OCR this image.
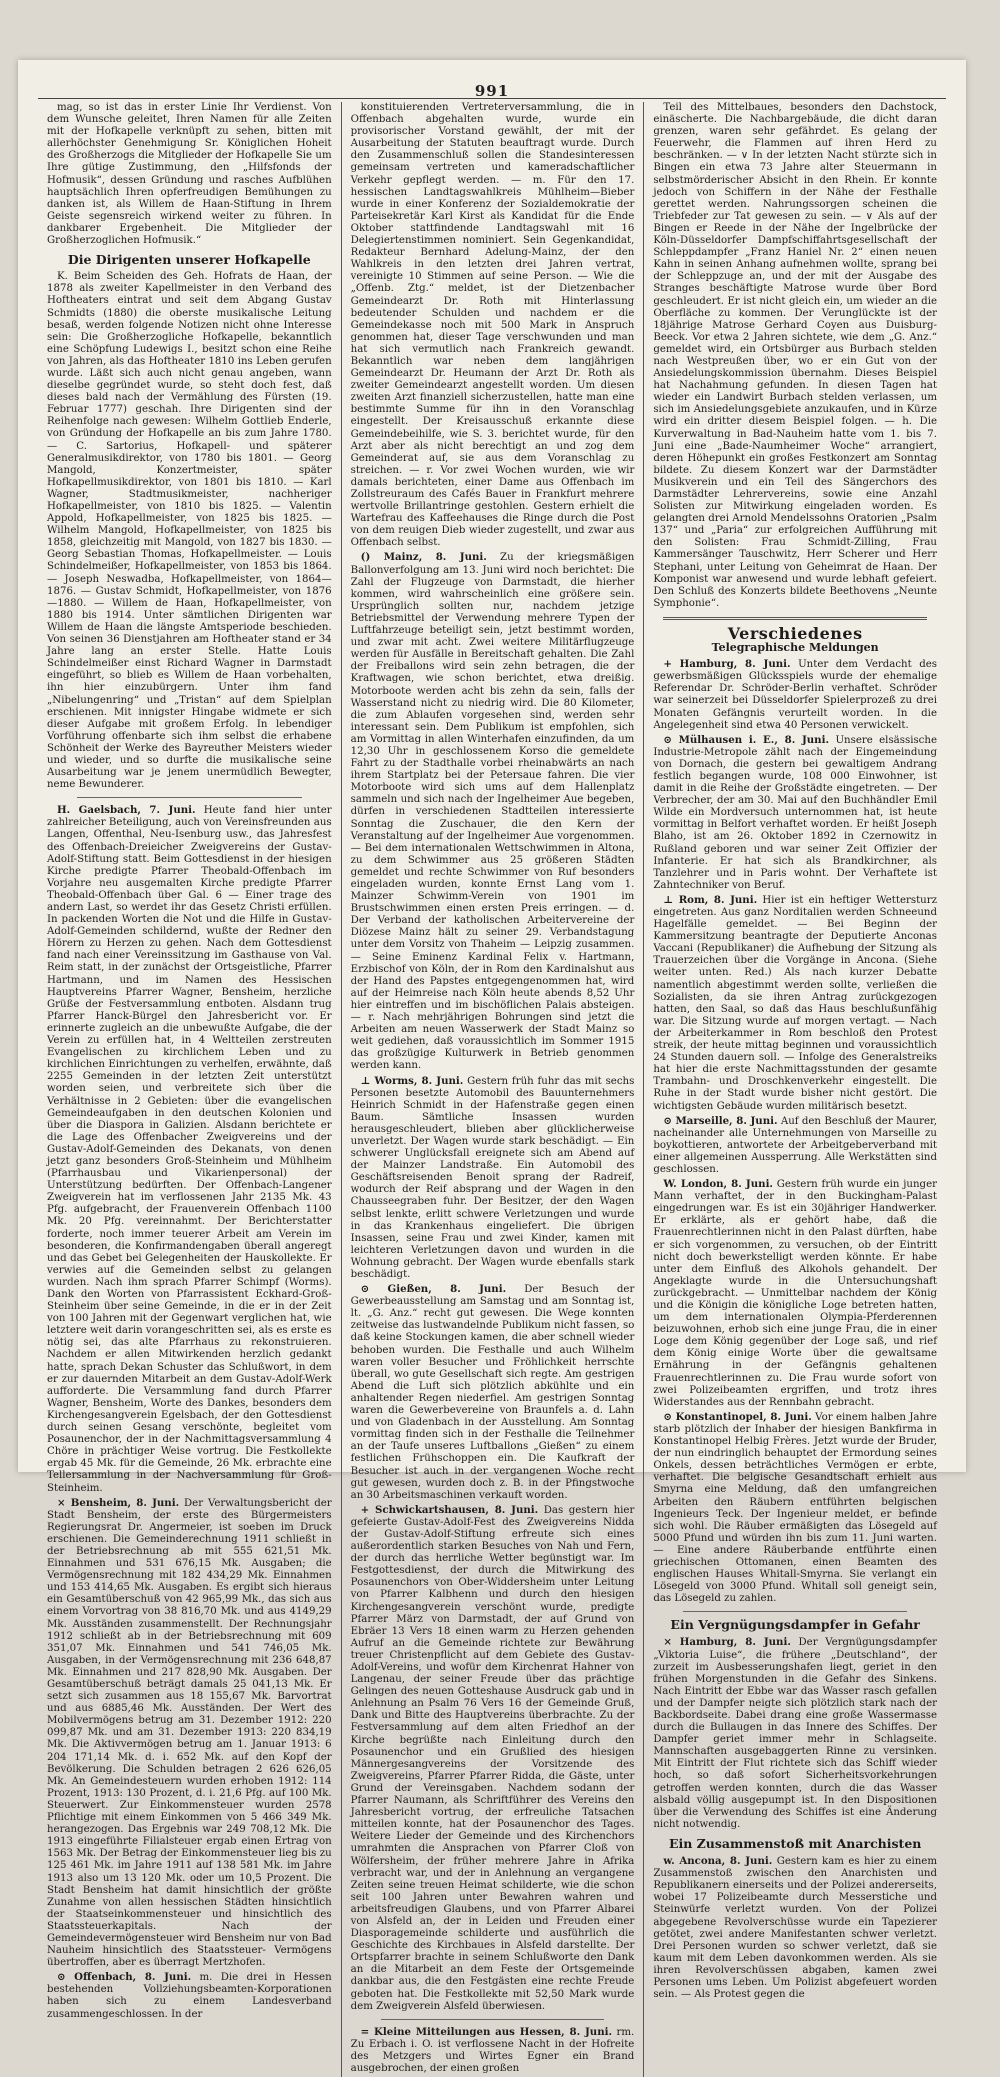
991

mag, so ist das in erster Linie Ihr Verdienst. Von dem Wunsche geleitet, Ihren Namen für alle Zeiten mit der Hofkapelle verknüpft zu sehen, bitten mit allerhöchster Genehmigung Sr. Königlichen Hoheit des Großherzogs die Mitglieder der Hofkapelle Sie um Ihre gütige Zustimmung, den „Hilfsfonds der Hofmusik“, dessen Gründung und rasches Aufblühen hauptsächlich Ihren opferfreudigen Bemühungen zu danken ist, als Willem de Haan-Stiftung in Ihrem Geiste segensreich wirkend weiter zu führen. In dankbarer Ergebenheit. Die Mitglieder der Großherzoglichen Hofmusik.“

Die Dirigenten unserer Hofkapelle

K. Beim Scheiden des Geh. Hofrats de Haan, der 1878 als zweiter Kapellmeister in den Verband des Hoftheaters eintrat und seit dem Abgang Gustav Schmidts (1880) die oberste musikalische Leitung besaß, werden folgende Notizen nicht ohne Interesse sein: Die Großherzogliche Hofkapelle, bekanntlich eine Schöpfung Ludewigs I., besitzt schon eine Reihe von Jahren, als das Hoftheater 1810 ins Leben gerufen wurde. Läßt sich auch nicht genau angeben, wann dieselbe gegründet wurde, so steht doch fest, daß dieses bald nach der Vermählung des Fürsten (19. Februar 1777) geschah. Ihre Dirigenten sind der Reihenfolge nach gewesen: Wilhelm Gottlieb Enderle, von Gründung der Hofkapelle an bis zum Jahre 1780. — C. Sartorius, Hofkapell- und späterer Generalmusikdirektor, von 1780 bis 1801. — Georg Mangold, Konzertmeister, später Hofkapellmusikdirektor, von 1801 bis 1810. — Karl Wagner, Stadtmusikmeister, nachheriger Hofkapellmeister, von 1810 bis 1825. — Valentin Appold, Hofkapellmeister, von 1825 bis 1825. — Wilhelm Mangold, Hofkapellmeister, von 1825 bis 1858, gleichzeitig mit Mangold, von 1827 bis 1830. — Georg Sebastian Thomas, Hofkapellmeister. — Louis Schindelmeißer, Hofkapellmeister, von 1853 bis 1864. — Joseph Neswadba, Hofkapellmeister, von 1864—1876. — Gustav Schmidt, Hofkapellmeister, von 1876—1880. — Willem de Haan, Hofkapellmeister, von 1880 bis 1914. Unter sämtlichen Dirigenten war Willem de Haan die längste Amtsperiode beschieden. Von seinen 36 Dienstjahren am Hoftheater stand er 34 Jahre lang an erster Stelle. Hatte Louis Schindelmeißer einst Richard Wagner in Darmstadt eingeführt, so blieb es Willem de Haan vorbehalten, ihn hier einzubürgern. Unter ihm fand „Nibelungenring“ und „Tristan“ auf dem Spielplan erschienen. Mit innigster Hingabe widmete er sich dieser Aufgabe mit großem Erfolg. In lebendiger Vorführung offenbarte sich ihm selbst die erhabene Schönheit der Werke des Bayreuther Meisters wieder und wieder, und so durfte die musikalische seine Ausarbeitung war je jenem unermüdlich Bewegter, neme Bewunderer.

H. Gaelsbach, 7. Juni. Heute fand hier unter zahlreicher Beteiligung, auch von Vereinsfreunden aus Langen, Offenthal, Neu-Isenburg usw., das Jahresfest des Offenbach-Dreieicher Zweigvereins der Gustav-Adolf-Stiftung statt. Beim Gottesdienst in der hiesigen Kirche predigte Pfarrer Theobald-Offenbach im Vorjahre neu ausgemalten Kirche predigte Pfarrer Theobald-Offenbach über Gal. 6 — Einer trage des andern Last, so werdet ihr das Gesetz Christi erfüllen. In packenden Worten die Not und die Hilfe in Gustav-Adolf-Gemeinden schildernd, wußte der Redner den Hörern zu Herzen zu gehen. Nach dem Gottesdienst fand nach einer Vereinssitzung im Gasthause von Val. Reim statt, in der zunächst der Ortsgeistliche, Pfarrer Hartmann, und im Namen des Hessischen Hauptvereins Pfarrer Wagner, Bensheim, herzliche Grüße der Festversammlung entboten. Alsdann trug Pfarrer Hanck-Bürgel den Jahresbericht vor. Er erinnerte zugleich an die unbewußte Aufgabe, die der Verein zu erfüllen hat, in 4 Weltteilen zerstreuten Evangelischen zu kirchlichem Leben und zu kirchlichen Einrichtungen zu verhelfen, erwähnte, daß 2255 Gemeinden in der letzten Zeit unterstützt worden seien, und verbreitete sich über die Verhältnisse in 2 Gebieten: über die evangelischen Gemeindeaufgaben in den deutschen Kolonien und über die Diaspora in Galizien. Alsdann berichtete er die Lage des Offenbacher Zweigvereins und der Gustav-Adolf-Gemeinden des Dekanats, von denen jetzt ganz besonders Groß-Steinheim und Mühlheim (Pfarrhausbau und Vikarienpersonal) der Unterstützung bedürften. Der Offenbach-Langener Zweigverein hat im verflossenen Jahr 2135 Mk. 43 Pfg. aufgebracht, der Frauenverein Offenbach 1100 Mk. 20 Pfg. vereinnahmt. Der Berichterstatter forderte, noch immer teuerer Arbeit am Verein im besonderen, die Konfirmandengaben überall angeregt und das Gebet bei Gelegenheiten der Hauskollekte. Er verwies auf die Gemeinden selbst zu gelangen wurden. Nach ihm sprach Pfarrer Schimpf (Worms). Dank den Worten von Pfarrassistent Eckhard-Groß-Steinheim über seine Gemeinde, in die er in der Zeit von 100 Jahren mit der Gegenwart verglichen hat, wie letztere weit darin vorangeschritten sei, als es erste es nötig sei, das alte Pfarrhaus zu rekonstruieren. Nachdem er allen Mitwirkenden herzlich gedankt hatte, sprach Dekan Schuster das Schlußwort, in dem er zur dauernden Mitarbeit an dem Gustav-Adolf-Werk aufforderte. Die Versammlung fand durch Pfarrer Wagner, Bensheim, Worte des Dankes, besonders dem Kirchengesangverein Egelsbach, der den Gottesdienst durch seinen Gesang verschönte, begleitet vom Posaunenchor, der in der Nachmittagsversammlung 4 Chöre in prächtiger Weise vortrug. Die Festkollekte ergab 45 Mk. für die Gemeinde, 26 Mk. erbrachte eine Tellersammlung in der Nachversammlung für Groß-Steinheim.

× Bensheim, 8. Juni. Der Verwaltungsbericht der Stadt Bensheim, der erste des Bürgermeisters Regierungsrat Dr. Angermeier, ist soeben im Druck erschienen. Die Gemeinderechnung 1911 schließt in der Betriebsrechnung ab mit 555 621,51 Mk. Einnahmen und 531 676,15 Mk. Ausgaben; die Vermögensrechnung mit 182 434,29 Mk. Einnahmen und 153 414,65 Mk. Ausgaben. Es ergibt sich hieraus ein Gesamtüberschuß von 42 965,99 Mk., das sich aus einem Vorvortrag von 38 816,70 Mk. und aus 4149,29 Mk. Ausständen zusammenstellt. Der Rechnungsjahr 1912 schließt ab in der Betriebsrechnung mit 609 351,07 Mk. Einnahmen und 541 746,05 Mk. Ausgaben, in der Vermögensrechnung mit 236 648,87 Mk. Einnahmen und 217 828,90 Mk. Ausgaben. Der Gesamtüberschuß beträgt damals 25 041,13 Mk. Er setzt sich zusammen aus 18 155,67 Mk. Barvortrat und aus 6885,46 Mk. Ausständen. Der Wert des Mobilvermögens betrug am 31. Dezember 1912: 220 099,87 Mk. und am 31. Dezember 1913: 220 834,19 Mk. Die Aktivvermögen betrug am 1. Januar 1913: 6 204 171,14 Mk. d. i. 652 Mk. auf den Kopf der Bevölkerung. Die Schulden betragen 2 626 626,05 Mk. An Gemeindesteuern wurden erhoben 1912: 114 Prozent, 1913: 130 Prozent, d. i. 21,6 Pfg. auf 100 Mk. Steuerwert. Zur Einkommensteuer wurden 2578 Pflichtige mit einem Einkommen von 5 466 349 Mk. herangezogen. Das Ergebnis war 249 708,12 Mk. Die 1913 eingeführte Filialsteuer ergab einen Ertrag von 1563 Mk. Der Betrag der Einkommensteuer lieg bis zu 125 461 Mk. im Jahre 1911 auf 138 581 Mk. im Jahre 1913 also um 13 120 Mk. oder um 10,5 Prozent. Die Stadt Bensheim hat damit hinsichtlich der größte Zunahme von allen hessischen Städten hinsichtlich der Staatseinkommensteuer und hinsichtlich des Staatssteuerkapitals. Nach der Gemeindevermögensteuer wird Bensheim nur von Bad Nauheim hinsichtlich des Staatssteuer- Vermögens übertroffen, aber es überragt Mertzhofen.

⊙ Offenbach, 8. Juni. m. Die drei in Hessen bestehenden Vollziehungsbeamten-Korporationen haben sich zu einem Landesverband zusammengeschlossen. In der

konstituierenden Vertreterversammlung, die in Offenbach abgehalten wurde, wurde ein provisorischer Vorstand gewählt, der mit der Ausarbeitung der Statuten beauftragt wurde. Durch den Zusammenschluß sollen die Standesinteressen gemeinsam vertreten und kameradschaftlicher Verkehr gepflegt werden. — m. Für den 17. hessischen Landtagswahlkreis Mühlheim—Bieber wurde in einer Konferenz der Sozialdemokratie der Parteisekretär Karl Kirst als Kandidat für die Ende Oktober stattfindende Landtagswahl mit 16 Delegiertenstimmen nominiert. Sein Gegenkandidat, Redakteur Bernhard Adelung-Mainz, der den Wahlkreis in den letzten drei Jahren vertrat, vereinigte 10 Stimmen auf seine Person. — Wie die „Offenb. Ztg.“ meldet, ist der Dietzenbacher Gemeindearzt Dr. Roth mit Hinterlassung bedeutender Schulden und nachdem er die Gemeindekasse noch mit 500 Mark in Anspruch genommen hat, dieser Tage verschwunden und man hat sich vermutlich nach Frankreich gewandt. Bekanntlich war neben dem langjährigen Gemeindearzt Dr. Heumann der Arzt Dr. Roth als zweiter Gemeindearzt angestellt worden. Um diesen zweiten Arzt finanziell sicherzustellen, hatte man eine bestimmte Summe für ihn in den Voranschlag eingestellt. Der Kreisausschuß erkannte diese Gemeindebeihilfe, wie S. 3. berichtet wurde, für den Arzt aber als nicht berechtigt an und zog dem Gemeinderat auf, sie aus dem Voranschlag zu streichen. — r. Vor zwei Wochen wurden, wie wir damals berichteten, einer Dame aus Offenbach im Zollstreuraum des Cafés Bauer in Frankfurt mehrere wertvolle Brillantringe gestohlen. Gestern erhielt die Wartefrau des Kaffeehauses die Ringe durch die Post von dem reuigen Dieb wieder zugestellt, und zwar aus Offenbach selbst.

() Mainz, 8. Juni. Zu der kriegsmäßigen Ballonverfolgung am 13. Juni wird noch berichtet: Die Zahl der Flugzeuge von Darmstadt, die hierher kommen, wird wahrscheinlich eine größere sein. Ursprünglich sollten nur, nachdem jetzige Betriebsmittel der Verwendung mehrere Typen der Luftfahrzeuge beteiligt sein, jetzt bestimmt worden, und zwar mit acht. Zwei weitere Militärflugzeuge werden für Ausfälle in Bereitschaft gehalten. Die Zahl der Freiballons wird sein zehn betragen, die der Kraftwagen, wie schon berichtet, etwa dreißig. Motorboote werden acht bis zehn da sein, falls der Wasserstand nicht zu niedrig wird. Die 80 Kilometer, die zum Ablaufen vorgesehen sind, werden sehr interessant sein. Dem Publikum ist empfohlen, sich am Vormittag in allen Winterhafen einzufinden, da um 12,30 Uhr in geschlossenem Korso die gemeldete Fahrt zu der Stadthalle vorbei rheinabwärts an nach ihrem Startplatz bei der Petersaue fahren. Die vier Motorboote wird sich ums auf dem Hallenplatz sammeln und sich nach der Ingelheimer Aue begeben, dürfen in verschiedenen Stadtteilen interessierte Sonntag die Zuschauer, die den Kern der Veranstaltung auf der Ingelheimer Aue vorgenommen. — Bei dem internationalen Wettschwimmen in Altona, zu dem Schwimmer aus 25 größeren Städten gemeldet und rechte Schwimmer von Ruf besonders eingeladen wurden, konnte Ernst Lang vom 1. Mainzer Schwimm-Verein von 1901 im Brustschwimmen einen ersten Preis erringen. — d. Der Verband der katholischen Arbeitervereine der Diözese Mainz hält zu seiner 29. Verbandstagung unter dem Vorsitz von Thaheim — Leipzig zusammen. — Seine Eminenz Kardinal Felix v. Hartmann, Erzbischof von Köln, der in Rom den Kardinalshut aus der Hand des Papstes entgegengenommen hat, wird auf der Heimreise nach Köln heute abends 8,52 Uhr hier eintreffen und im bischöflichen Palais absteigen. — r. Nach mehrjährigen Bohrungen sind jetzt die Arbeiten am neuen Wasserwerk der Stadt Mainz so weit gediehen, daß voraussichtlich im Sommer 1915 das großzügige Kulturwerk in Betrieb genommen werden kann.

⊥ Worms, 8. Juni. Gestern früh fuhr das mit sechs Personen besetzte Automobil des Bauunternehmers Heinrich Schmidt in der Hafenstraße gegen einen Baum. Sämtliche Insassen wurden herausgeschleudert, blieben aber glücklicherweise unverletzt. Der Wagen wurde stark beschädigt. — Ein schwerer Unglücksfall ereignete sich am Abend auf der Mainzer Landstraße. Ein Automobil des Geschäftsreisenden Benoit sprang der Radreif, wodurch der Reif absprang und der Wagen in den Chausseegraben fuhr. Der Besitzer, der den Wagen selbst lenkte, erlitt schwere Verletzungen und wurde in das Krankenhaus eingeliefert. Die übrigen Insassen, seine Frau und zwei Kinder, kamen mit leichteren Verletzungen davon und wurden in die Wohnung gebracht. Der Wagen wurde ebenfalls stark beschädigt.

⊙ Gießen, 8. Juni. Der Besuch der Gewerbeausstellung am Samstag und am Sonntag ist, lt. „G. Anz.“ recht gut gewesen. Die Wege konnten zeitweise das lustwandelnde Publikum nicht fassen, so daß keine Stockungen kamen, die aber schnell wieder behoben wurden. Die Festhalle und auch Wilhelm waren voller Besucher und Fröhlichkeit herrschte überall, wo gute Gesellschaft sich regte. Am gestrigen Abend die Luft sich plötzlich abkühlte und ein anhaltender Regen niederfiel. Am gestrigen Sonntag waren die Gewerbevereine von Braunfels a. d. Lahn und von Gladenbach in der Ausstellung. Am Sonntag vormittag finden sich in der Festhalle die Teilnehmer an der Taufe unseres Luftballons „Gießen“ zu einem festlichen Frühschoppen ein. Die Kaufkraft der Besucher ist auch in der vergangenen Woche recht gut gewesen, wurden doch z. B. in der Pfingstwoche an 30 Arbeitsmaschinen verkauft worden.

+ Schwickartshausen, 8. Juni. Das gestern hier gefeierte Gustav-Adolf-Fest des Zweigvereins Nidda der Gustav-Adolf-Stiftung erfreute sich eines außerordentlich starken Besuches von Nah und Fern, der durch das herrliche Wetter begünstigt war. Im Festgottesdienst, der durch die Mitwirkung des Posaunenchors von Ober-Widdersheim unter Leitung von Pfarrer Kalbhenn und durch den hiesigen Kirchengesangverein verschönt wurde, predigte Pfarrer März von Darmstadt, der auf Grund von Ebräer 13 Vers 18 einen warm zu Herzen gehenden Aufruf an die Gemeinde richtete zur Bewährung treuer Christenpflicht auf dem Gebiete des Gustav-Adolf-Vereins, und wofür dem Kirchenrat Hahner von Langenau, der seiner Freude über das prächtige Gelingen des neuen Gotteshause Ausdruck gab und in Anlehnung an Psalm 76 Vers 16 der Gemeinde Gruß, Dank und Bitte des Hauptvereins überbrachte. Zu der Festversammlung auf dem alten Friedhof an der Kirche begrüßte nach Einleitung durch den Posaunenchor und ein Grußlied des hiesigen Männergesangvereins der Vorsitzende des Zweigvereins, Pfarrer Pfarrer Ridda, die Gäste, unter Grund der Vereinsgaben. Nachdem sodann der Pfarrer Naumann, als Schriftführer des Vereins den Jahresbericht vortrug, der erfreuliche Tatsachen mitteilen konnte, hat der Posaunenchor des Tages. Weitere Lieder der Gemeinde und des Kirchenchors umrahmten die Ansprachen von Pfarrer Cloß von Wölfersheim, der früher mehrere Jahre in Afrika verbracht war, und der in Anlehnung an vergangene Zeiten seine treuen Heimat schilderte, wie die schon seit 100 Jahren unter Bewahren wahren und arbeitsfreudigen Glaubens, und von Pfarrer Albarei von Alsfeld an, der in Leiden und Freuden einer Diasporagemeinde schilderte und ausführlich die Geschichte des Kirchbaues in Alsfeld darstellte. Der Ortspfarrer brachte in seinem Schlußworte den Dank an die Mitarbeit an dem Feste der Ortsgemeinde dankbar aus, die den Festgästen eine rechte Freude geboten hat. Die Festkollekte mit 52,50 Mark wurde dem Zweigverein Alsfeld überwiesen.

= Kleine Mitteilungen aus Hessen, 8. Juni. rm. Zu Erbach i. O. ist verflossene Nacht in der Hofreite des Metzgers und Wirtes Egner ein Brand ausgebrochen, der einen großen

Teil des Mittelbaues, besonders den Dachstock, einäscherte. Die Nachbargebäude, die dicht daran grenzen, waren sehr gefährdet. Es gelang der Feuerwehr, die Flammen auf ihren Herd zu beschränken. — ∨ In der letzten Nacht stürzte sich in Bingen ein etwa 73 Jahre alter Steuermann in selbstmörderischer Absicht in den Rhein. Er konnte jedoch von Schiffern in der Nähe der Festhalle gerettet werden. Nahrungssorgen scheinen die Triebfeder zur Tat gewesen zu sein. — ∨ Als auf der Bingen er Reede in der Nähe der Ingelbrücke der Köln-Düsseldorfer Dampfschiffahrtsgesellschaft der Schleppdampfer „Franz Haniel Nr. 2“ einen neuen Kahn in seinen Anhang aufnehmen wollte, sprang bei der Schleppzuge an, und der mit der Ausgabe des Stranges beschäftigte Matrose wurde über Bord geschleudert. Er ist nicht gleich ein, um wieder an die Oberfläche zu kommen. Der Verunglückte ist der 18jährige Matrose Gerhard Coyen aus Duisburg-Beeck. Vor etwa 2 Jahren sichtete, wie dem „G. Anz.“ gemeldet wird, ein Ortsbürger aus Burbach stelden nach Westpreußen über, wo er ein Gut von der Ansiedelungskommission übernahm. Dieses Beispiel hat Nachahmung gefunden. In diesen Tagen hat wieder ein Landwirt Burbach stelden verlassen, um sich im Ansiedelungsgebiete anzukaufen, und in Kürze wird ein dritter diesem Beispiel folgen. — h. Die Kurverwaltung in Bad-Nauheim hatte vom 1. bis 7. Juni eine „Bade-Naumheimer Woche“ arrangiert, deren Höhepunkt ein großes Festkonzert am Sonntag bildete. Zu diesem Konzert war der Darmstädter Musikverein und ein Teil des Sängerchors des Darmstädter Lehrervereins, sowie eine Anzahl Solisten zur Mitwirkung eingeladen worden. Es gelangten drei Arnold Mendelssohns Oratorien „Psalm 137“ und „Paria“ zur erfolgreichen Aufführung mit den Solisten: Frau Schmidt-Zilling, Frau Kammersänger Tauschwitz, Herr Scherer und Herr Stephani, unter Leitung von Geheimrat de Haan. Der Komponist war anwesend und wurde lebhaft gefeiert. Den Schluß des Konzerts bildete Beethovens „Neunte Symphonie“.

Verschiedenes
Telegraphische Meldungen

+ Hamburg, 8. Juni. Unter dem Verdacht des gewerbsmäßigen Glücksspiels wurde der ehemalige Referendar Dr. Schröder-Berlin verhaftet. Schröder war seinerzeit bei Düsseldorfer Spielerprozeß zu drei Monaten Gefängnis verurteilt worden. In die Angelegenheit sind etwa 40 Personen verwickelt.

⊙ Mülhausen i. E., 8. Juni. Unsere elsässische Industrie-Metropole zählt nach der Eingemeindung von Dornach, die gestern bei gewaltigem Andrang festlich begangen wurde, 108 000 Einwohner, ist damit in die Reihe der Großstädte eingetreten. — Der Verbrecher, der am 30. Mai auf den Buchhändler Emil Wilde ein Mordversuch unternommen hat, ist heute vormittag in Belfort verhaftet worden. Er heißt Joseph Blaho, ist am 26. Oktober 1892 in Czernowitz in Rußland geboren und war seiner Zeit Offizier der Infanterie. Er hat sich als Brandkirchner, als Tanzlehrer und in Paris wohnt. Der Verhaftete ist Zahntechniker von Beruf.

⊥ Rom, 8. Juni. Hier ist ein heftiger Wettersturz eingetreten. Aus ganz Norditalien werden Schneeund Hagelfälle gemeldet. — Bei Beginn der Kammersitzung beantragte der Deputierte Anconas Vaccani (Republikaner) die Aufhebung der Sitzung als Trauerzeichen über die Vorgänge in Ancona. (Siehe weiter unten. Red.) Als nach kurzer Debatte namentlich abgestimmt werden sollte, verließen die Sozialisten, da sie ihren Antrag zurückgezogen hatten, den Saal, so daß das Haus beschlußunfähig war. Die Sitzung wurde auf morgen vertagt. — Nach der Arbeiterkammer in Rom beschloß den Protest streik, der heute mittag beginnen und voraussichtlich 24 Stunden dauern soll. — Infolge des Generalstreiks hat hier die erste Nachmittagsstunden der gesamte Trambahn- und Droschkenverkehr eingestellt. Die Ruhe in der Stadt wurde bisher nicht gestört. Die wichtigsten Gebäude wurden militärisch besetzt.

⊙ Marseille, 8. Juni. Auf den Beschluß der Maurer, nacheinander alle Unternehmungen von Marseille zu boykottieren, antwortete der Arbeitgeberverband mit einer allgemeinen Aussperrung. Alle Werkstätten sind geschlossen.

W. London, 8. Juni. Gestern früh wurde ein junger Mann verhaftet, der in den Buckingham-Palast eingedrungen war. Es ist ein 30jähriger Handwerker. Er erklärte, als er gehört habe, daß die Frauenrechtlerinnen nicht in den Palast dürften, habe er sich vorgenommen, zu versuchen, ob der Eintritt nicht doch bewerkstelligt werden könnte. Er habe unter dem Einfluß des Alkohols gehandelt. Der Angeklagte wurde in die Untersuchungshaft zurückgebracht. — Unmittelbar nachdem der König und die Königin die königliche Loge betreten hatten, um dem internationalen Olympia-Pferderennen beizuwohnen, erhob sich eine junge Frau, die in einer Loge dem König gegenüber der Loge saß, und rief dem König einige Worte über die gewaltsame Ernährung in der Gefängnis gehaltenen Frauenrechtlerinnen zu. Die Frau wurde sofort von zwei Polizeibeamten ergriffen, und trotz ihres Widerstandes aus der Rennbahn gebracht.

⊙ Konstantinopel, 8. Juni. Vor einem halben Jahre starb plötzlich der Inhaber der hiesigen Bankfirma in Konstantinopel Helbig Frères. Jetzt wurde der Bruder, der nun eindringlich behauptet der Ermordung seines Onkels, dessen beträchtliches Vermögen er erbte, verhaftet. Die belgische Gesandtschaft erhielt aus Smyrna eine Meldung, daß den umfangreichen Arbeiten den Räubern entführten belgischen Ingenieurs Teck. Der Ingenieur meldet, er befinde sich wohl. Die Räuber ermäßigten das Lösegeld auf 5000 Pfund und würden ihn bis zum 11. Juni warten. — Eine andere Räuberbande entführte einen griechischen Ottomanen, einen Beamten des englischen Hauses Whitall-Smyrna. Sie verlangt ein Lösegeld von 3000 Pfund. Whitall soll geneigt sein, das Lösegeld zu zahlen.

Ein Vergnügungsdampfer in Gefahr

× Hamburg, 8. Juni. Der Vergnügungsdampfer „Viktoria Luise“, die frühere „Deutschland“, der zurzeit im Ausbesserungshafen liegt, geriet in den frühen Morgenstunden in die Gefahr des Sinkens. Nach Eintritt der Ebbe war das Wasser rasch gefallen und der Dampfer neigte sich plötzlich stark nach der Backbordseite. Dabei drang eine große Wassermasse durch die Bullaugen in das Innere des Schiffes. Der Dampfer geriet immer mehr in Schlagseite. Mannschaften ausgebaggerten Rinne zu versinken. Mit Eintritt der Flut richtete sich das Schiff wieder hoch, so daß sofort Sicherheitsvorkehrungen getroffen werden konnten, durch die das Wasser alsbald völlig ausgepumpt ist. In den Dispositionen über die Verwendung des Schiffes ist eine Änderung nicht notwendig.

Ein Zusammenstoß mit Anarchisten

w. Ancona, 8. Juni. Gestern kam es hier zu einem Zusammenstoß zwischen den Anarchisten und Republikanern einerseits und der Polizei andererseits, wobei 17 Polizeibeamte durch Messerstiche und Steinwürfe verletzt wurden. Von der Polizei abgegebene Revolverschüsse wurde ein Tapezierer getötet, zwei andere Manifestanten schwer verletzt. Drei Personen wurden so schwer verletzt, daß sie kaum mit dem Leben davonkommen werden. Als sie ihren Revolverschüssen abgaben, kamen zwei Personen ums Leben. Um Polizist abgefeuert worden sein. — Als Protest gegen die
